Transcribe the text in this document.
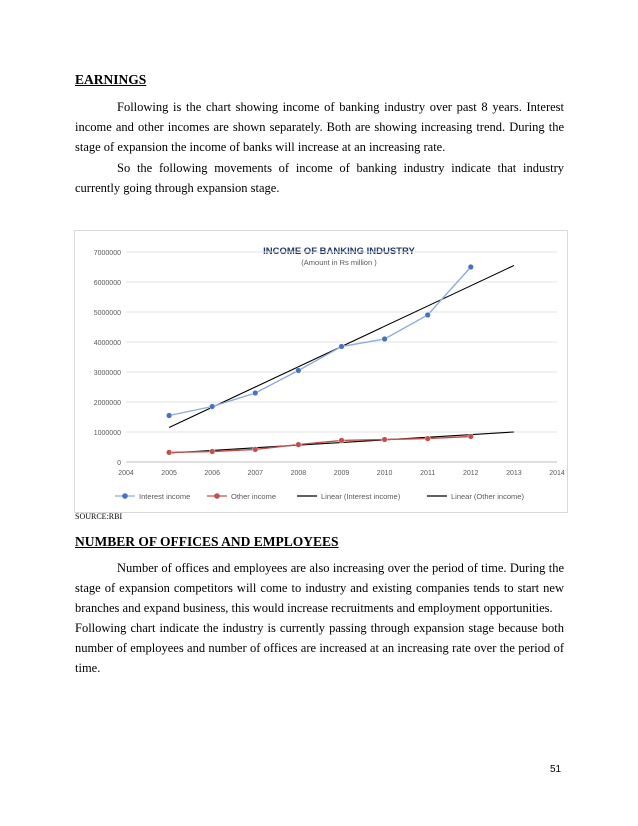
EARNINGS

Following is the chart showing income of banking industry over past 8 years. Interest income and other incomes are shown separately. Both are showing increasing trend. During the stage of expansion the income of banks will increase at an increasing rate.

So the following movements of income of banking industry indicate that industry currently going through expansion stage.

INCOME OF BANKING INDUSTRY
(Amount in Rs million )
0
1000000
2000000
3000000
4000000
5000000
6000000
7000000
2004	2005	2006	2007	2008	2009	2010	2011	2012	2013	2014
Interest income	Other income	Linear (Interest income)	Linear (Other income)
SOURCE:RBI
NUMBER OF OFFICES AND EMPLOYEES

Number of offices and employees are also increasing over the period of time. During the stage of expansion competitors will come to industry and existing companies tends to start new branches and expand business, this would increase recruitments and employment opportunities.

Following chart indicate the industry is currently passing through expansion stage because both number of employees and number of offices are increased at an increasing rate over the period of time.

51
